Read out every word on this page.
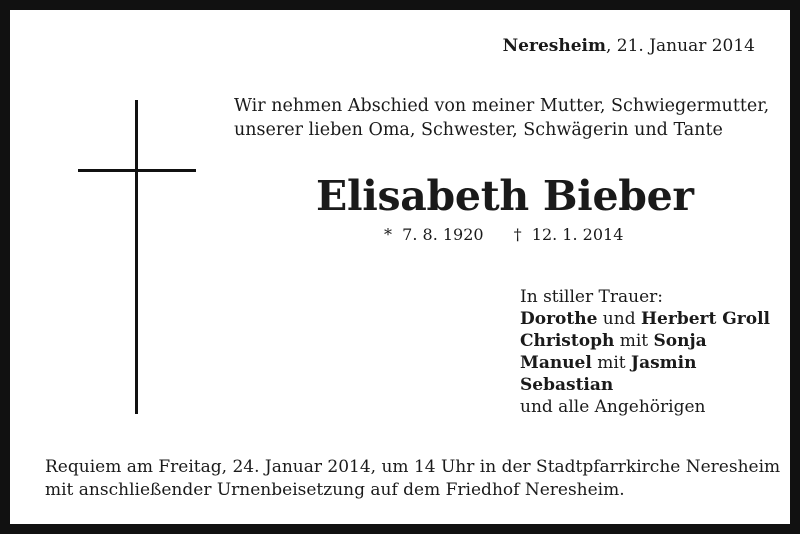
Neresheim, 21. Januar 2014
Wir nehmen Abschied von meiner Mutter, Schwiegermutter,
unserer lieben Oma, Schwester, Schwägerin und Tante
Elisabeth Bieber
* 7. 8. 1920 † 12. 1. 2014
In stiller Trauer:
Dorothe und Herbert Groll
Christoph mit Sonja
Manuel mit Jasmin
Sebastian
und alle Angehörigen
Requiem am Freitag, 24. Januar 2014, um 14 Uhr in der Stadtpfarrkirche Neresheim
mit anschließender Urnenbeisetzung auf dem Friedhof Neresheim.
